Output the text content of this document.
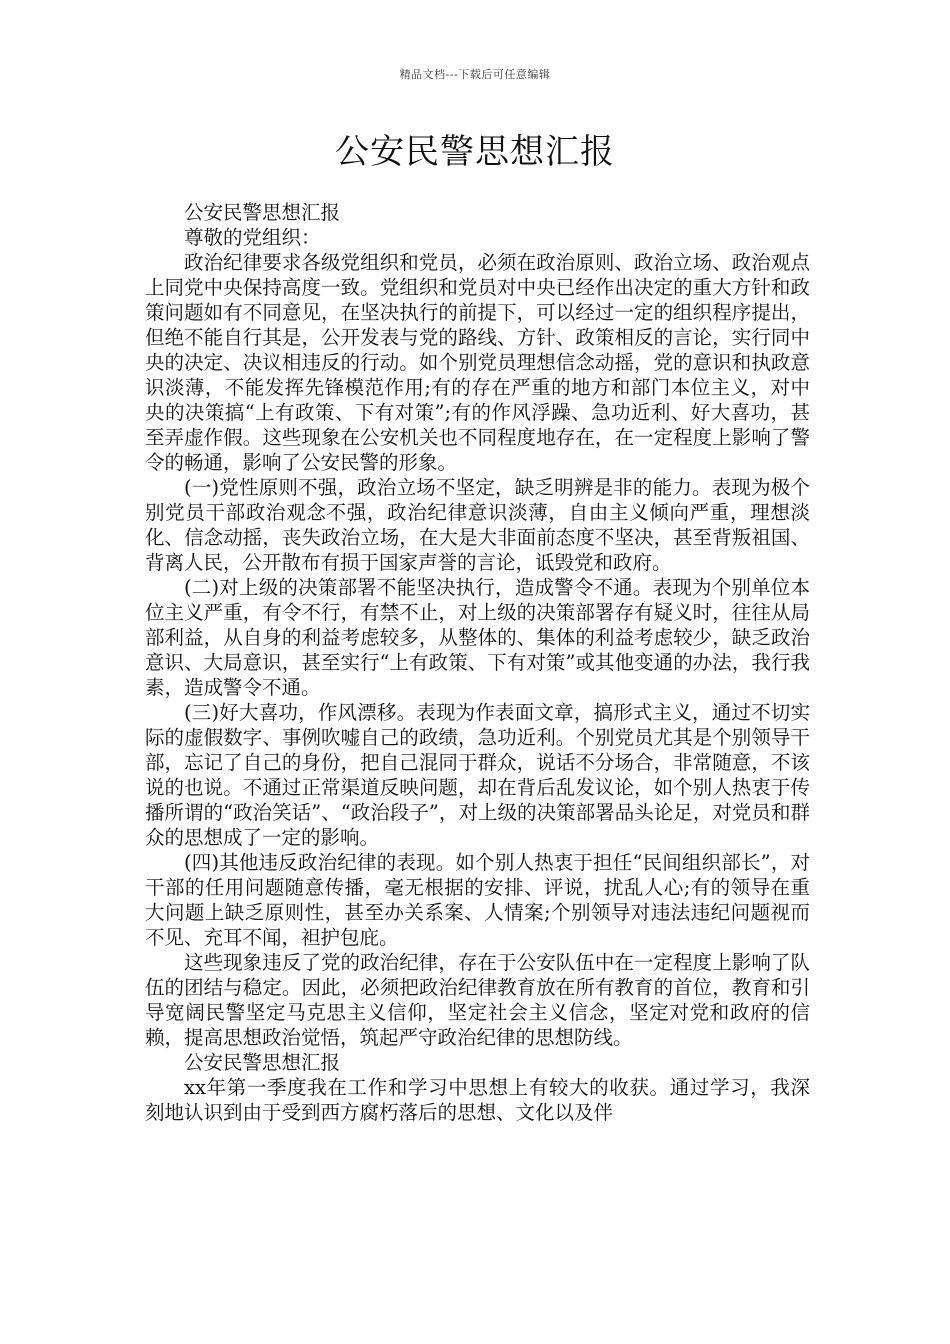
精品文档---下载后可任意编辑
公安民警思想汇报

公安民警思想汇报

尊敬的党组织：

政治纪律要求各级党组织和党员，必须在政治原则、政治立场、政治观点上同党中央保持高度一致。党组织和党员对中央已经作出决定的重大方针和政策问题如有不同意见，在坚决执行的前提下，可以经过一定的组织程序提出，但绝不能自行其是，公开发表与党的路线、方针、政策相反的言论，实行同中央的决定、决议相违反的行动。如个别党员理想信念动摇，党的意识和执政意识淡薄，不能发挥先锋模范作用;有的存在严重的地方和部门本位主义，对中央的决策搞“上有政策、下有对策”;有的作风浮躁、急功近利、好大喜功，甚至弄虚作假。这些现象在公安机关也不同程度地存在，在一定程度上影响了警令的畅通，影响了公安民警的形象。

(一)党性原则不强，政治立场不坚定，缺乏明辨是非的能力。表现为极个别党员干部政治观念不强，政治纪律意识淡薄，自由主义倾向严重，理想淡化、信念动摇，丧失政治立场，在大是大非面前态度不坚决，甚至背叛祖国、背离人民，公开散布有损于国家声誉的言论，诋毁党和政府。

(二)对上级的决策部署不能坚决执行，造成警令不通。表现为个别单位本位主义严重，有令不行，有禁不止，对上级的决策部署存有疑义时，往往从局部利益，从自身的利益考虑较多，从整体的、集体的利益考虑较少，缺乏政治意识、大局意识，甚至实行“上有政策、下有对策”或其他变通的办法，我行我素，造成警令不通。

(三)好大喜功，作风漂移。表现为作表面文章，搞形式主义，通过不切实际的虚假数字、事例吹嘘自己的政绩，急功近利。个别党员尤其是个别领导干部，忘记了自己的身份，把自己混同于群众，说话不分场合，非常随意，不该说的也说。不通过正常渠道反映问题，却在背后乱发议论，如个别人热衷于传播所谓的“政治笑话”、“政治段子”，对上级的决策部署品头论足，对党员和群众的思想成了一定的影响。

(四)其他违反政治纪律的表现。如个别人热衷于担任“民间组织部长”，对干部的任用问题随意传播，毫无根据的安排、评说，扰乱人心;有的领导在重大问题上缺乏原则性，甚至办关系案、人情案;个别领导对违法违纪问题视而不见、充耳不闻，袒护包庇。

这些现象违反了党的政治纪律，存在于公安队伍中在一定程度上影响了队伍的团结与稳定。因此，必须把政治纪律教育放在所有教育的首位，教育和引导宽阔民警坚定马克思主义信仰，坚定社会主义信念，坚定对党和政府的信赖，提高思想政治觉悟，筑起严守政治纪律的思想防线。

公安民警思想汇报

xx年第一季度我在工作和学习中思想上有较大的收获。通过学习，我深刻地认识到由于受到西方腐朽落后的思想、文化以及伴
